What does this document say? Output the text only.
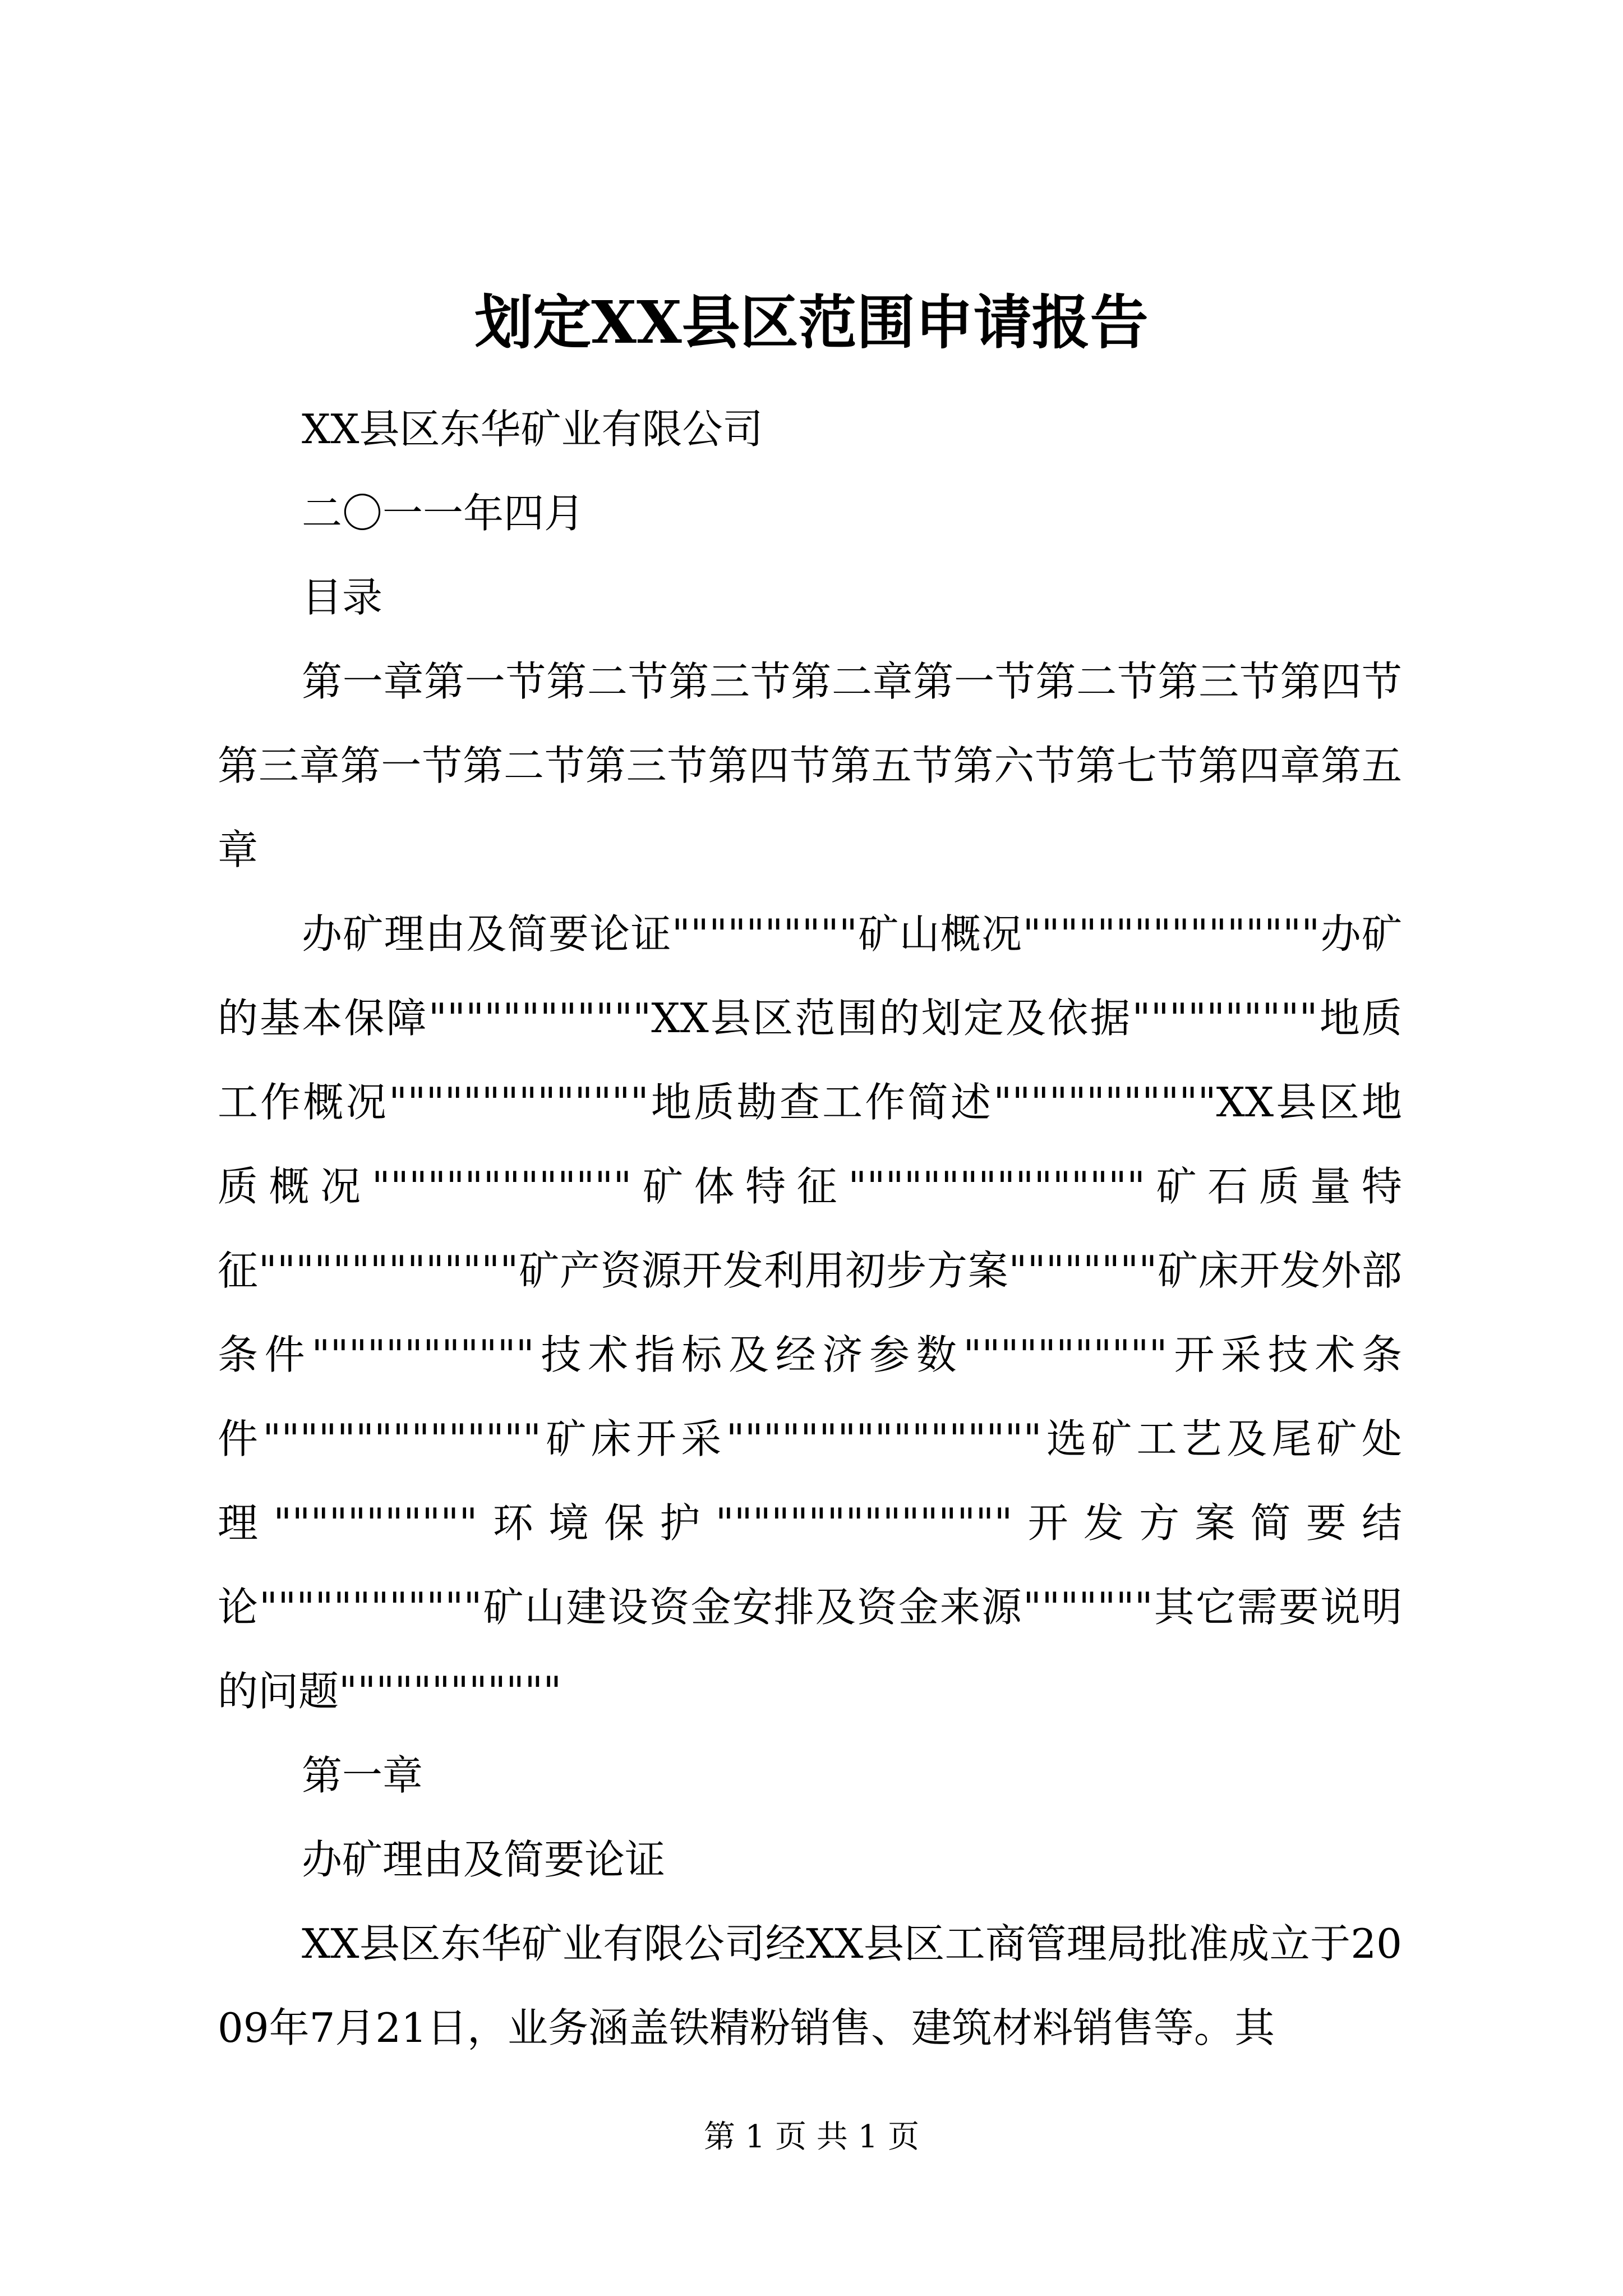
划定XX县区范围申请报告

XX县区东华矿业有限公司

二〇一一年四月

目录

第一章第一节第二节第三节第二章第一节第二节第三节第四节第三章第一节第二节第三节第四节第五节第六节第七节第四章第五章

办矿理由及简要论证""""""""""矿山概况""""""""""""""""办矿的基本保障""""""""""""XX县区范围的划定及依据""""""""""地质工作概况""""""""""""""地质勘查工作简述""""""""""""XX县区地质概况""""""""""""""矿体特征""""""""""""""""矿石质量特征""""""""""""""矿产资源开发利用初步方案""""""""矿床开发外部条件""""""""""""技术指标及经济参数"""""""""""开采技术条件"""""""""""""""矿床开采"""""""""""""""""选矿工艺及尾矿处理"""""""""""环境保护""""""""""""""""开发方案简要结论""""""""""""矿山建设资金安排及资金来源"""""""其它需要说明的问题""""""""""""

第一章

办矿理由及简要论证

XX县区东华矿业有限公司经XX县区工商管理局批准成立于2009年7月21日，业务涵盖铁精粉销售、建筑材料销售等。其

第 1 页 共 1 页
